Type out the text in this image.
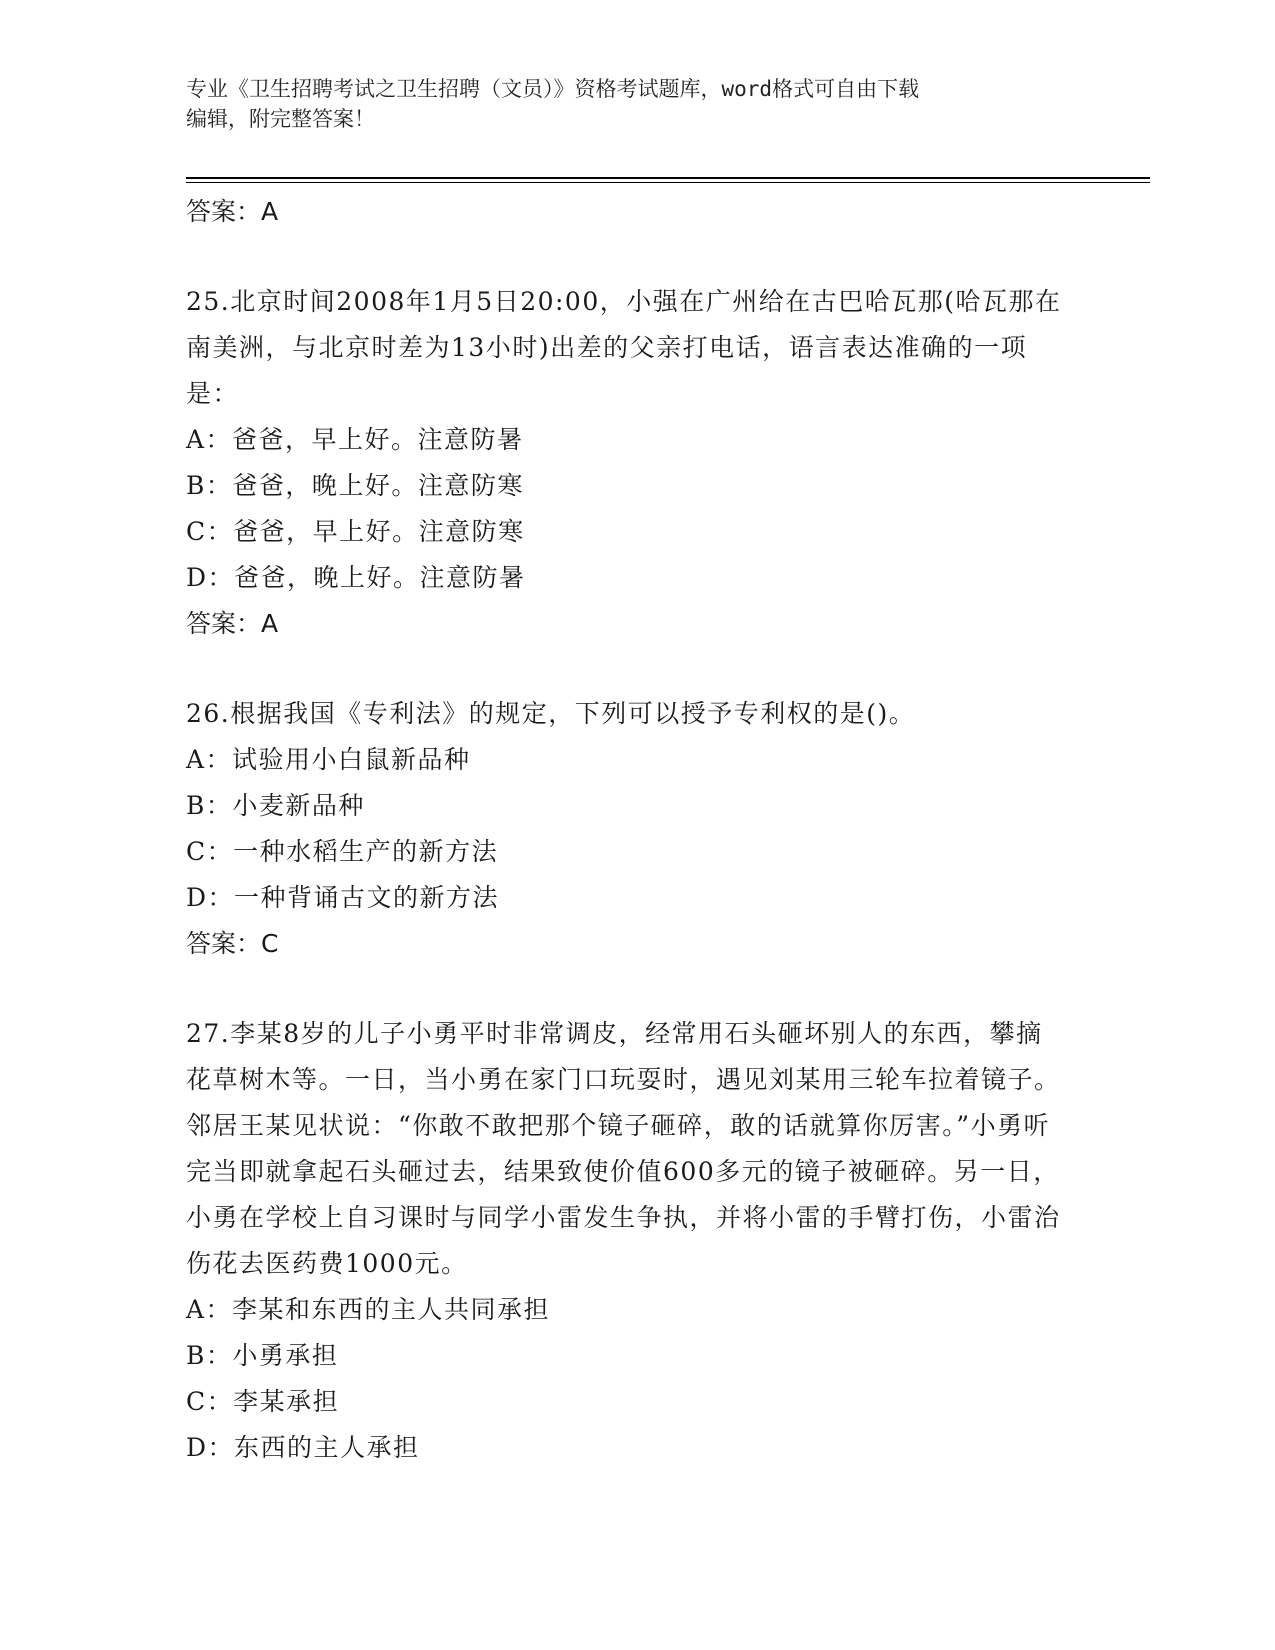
专业《卫生招聘考试之卫生招聘（文员）》资格考试题库，word格式可自由下载
编辑，附完整答案！
答案：A
25.北京时间2008年1月5日20:00，小强在广州给在古巴哈瓦那(哈瓦那在南美洲，与北京时差为13小时)出差的父亲打电话，语言表达准确的一项是：
A：爸爸，早上好。注意防暑
B：爸爸，晚上好。注意防寒
C：爸爸，早上好。注意防寒
D：爸爸，晚上好。注意防暑
答案：A
26.根据我国《专利法》的规定，下列可以授予专利权的是()。
A：试验用小白鼠新品种
B：小麦新品种
C：一种水稻生产的新方法
D：一种背诵古文的新方法
答案：C
27.李某8岁的儿子小勇平时非常调皮，经常用石头砸坏别人的东西，攀摘花草树木等。一日，当小勇在家门口玩耍时，遇见刘某用三轮车拉着镜子。邻居王某见状说：“你敢不敢把那个镜子砸碎，敢的话就算你厉害。”小勇听完当即就拿起石头砸过去，结果致使价值600多元的镜子被砸碎。另一日，小勇在学校上自习课时与同学小雷发生争执，并将小雷的手臂打伤，小雷治伤花去医药费1000元。
A：李某和东西的主人共同承担
B：小勇承担
C：李某承担
D：东西的主人承担
